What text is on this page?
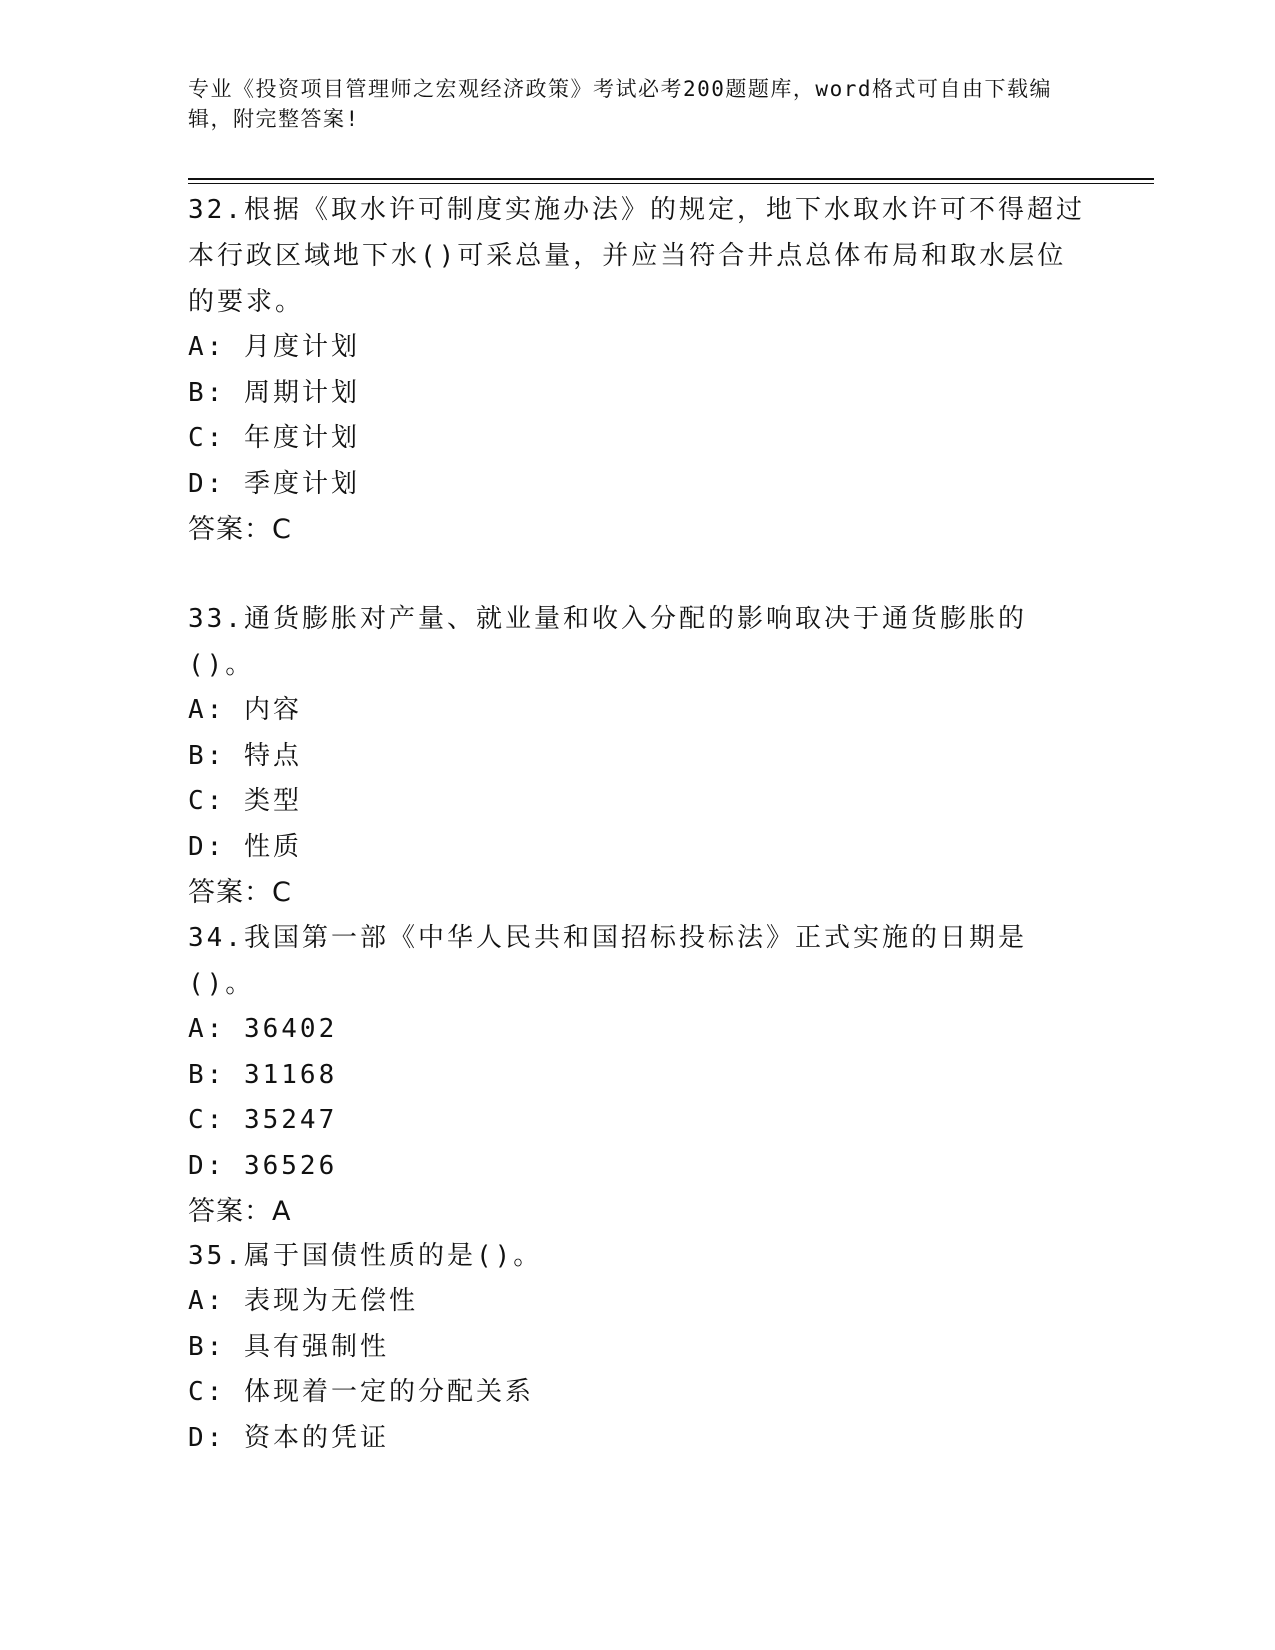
专业《投资项目管理师之宏观经济政策》考试必考200题题库，word格式可自由下载编辑，附完整答案!

32.根据《取水许可制度实施办法》的规定，地下水取水许可不得超过本行政区域地下水()可采总量，并应当符合井点总体布局和取水层位的要求。

A: 月度计划
B: 周期计划
C: 年度计划
D: 季度计划
答案：C

33.通货膨胀对产量、就业量和收入分配的影响取决于通货膨胀的()。

A: 内容
B: 特点
C: 类型
D: 性质
答案：C

34.我国第一部《中华人民共和国招标投标法》正式实施的日期是()。

A: 36402
B: 31168
C: 35247
D: 36526
答案：A

35.属于国债性质的是()。

A: 表现为无偿性
B: 具有强制性
C: 体现着一定的分配关系
D: 资本的凭证
